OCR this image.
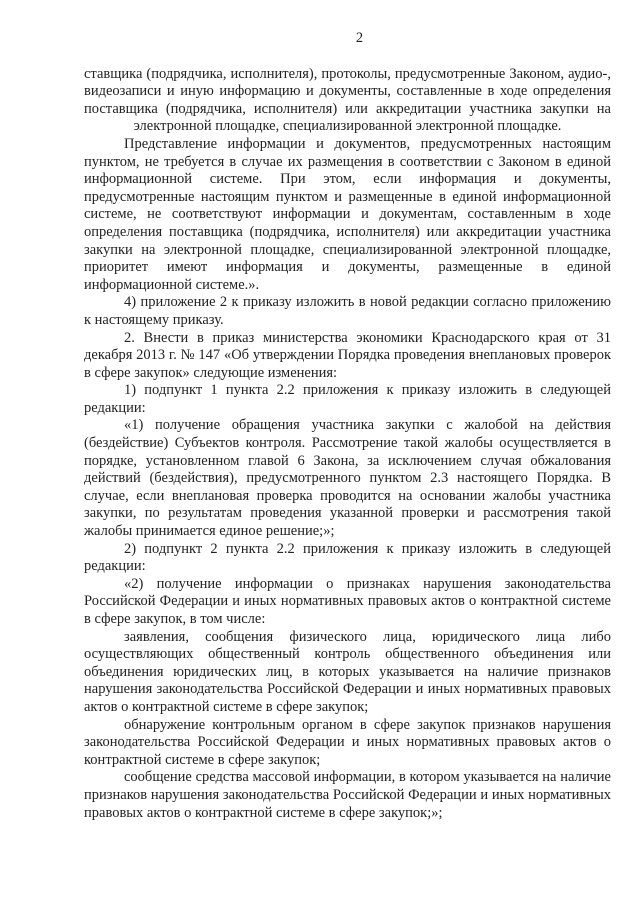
2

ставщика (подрядчика, исполнителя), протоколы, предусмотренные Законом, аудио-, видеозаписи и иную информацию и документы, составленные в ходе определения поставщика (подрядчика, исполнителя) или аккредитации участника закупки на электронной площадке, специализированной электронной площадке.

Представление информации и документов, предусмотренных настоящим пунктом, не требуется в случае их размещения в соответствии с Законом в единой информационной системе. При этом, если информация и документы, предусмотренные настоящим пунктом и размещенные в единой информационной системе, не соответствуют информации и документам, составленным в ходе определения поставщика (подрядчика, исполнителя) или аккредитации участника закупки на электронной площадке, специализированной электронной площадке, приоритет имеют информация и документы, размещенные в единой информационной системе.».

4) приложение 2 к приказу изложить в новой редакции согласно приложению к настоящему приказу.

2. Внести в приказ министерства экономики Краснодарского края от 31 декабря 2013 г. № 147 «Об утверждении Порядка проведения внеплановых проверок в сфере закупок» следующие изменения:

1) подпункт 1 пункта 2.2 приложения к приказу изложить в следующей редакции:

«1) получение обращения участника закупки с жалобой на действия (бездействие) Субъектов контроля. Рассмотрение такой жалобы осуществляется в порядке, установленном главой 6 Закона, за исключением случая обжалования действий (бездействия), предусмотренного пунктом 2.3 настоящего Порядка. В случае, если внеплановая проверка проводится на основании жалобы участника закупки, по результатам проведения указанной проверки и рассмотрения такой жалобы принимается единое решение;»;

2) подпункт 2 пункта 2.2 приложения к приказу изложить в следующей редакции:

«2) получение информации о признаках нарушения законодательства Российской Федерации и иных нормативных правовых актов о контрактной системе в сфере закупок, в том числе:

заявления, сообщения физического лица, юридического лица либо осуществляющих общественный контроль общественного объединения или объединения юридических лиц, в которых указывается на наличие признаков нарушения законодательства Российской Федерации и иных нормативных правовых актов о контрактной системе в сфере закупок;

обнаружение контрольным органом в сфере закупок признаков нарушения законодательства Российской Федерации и иных нормативных правовых актов о контрактной системе в сфере закупок;

сообщение средства массовой информации, в котором указывается на наличие признаков нарушения законодательства Российской Федерации и иных нормативных правовых актов о контрактной системе в сфере закупок;»;
